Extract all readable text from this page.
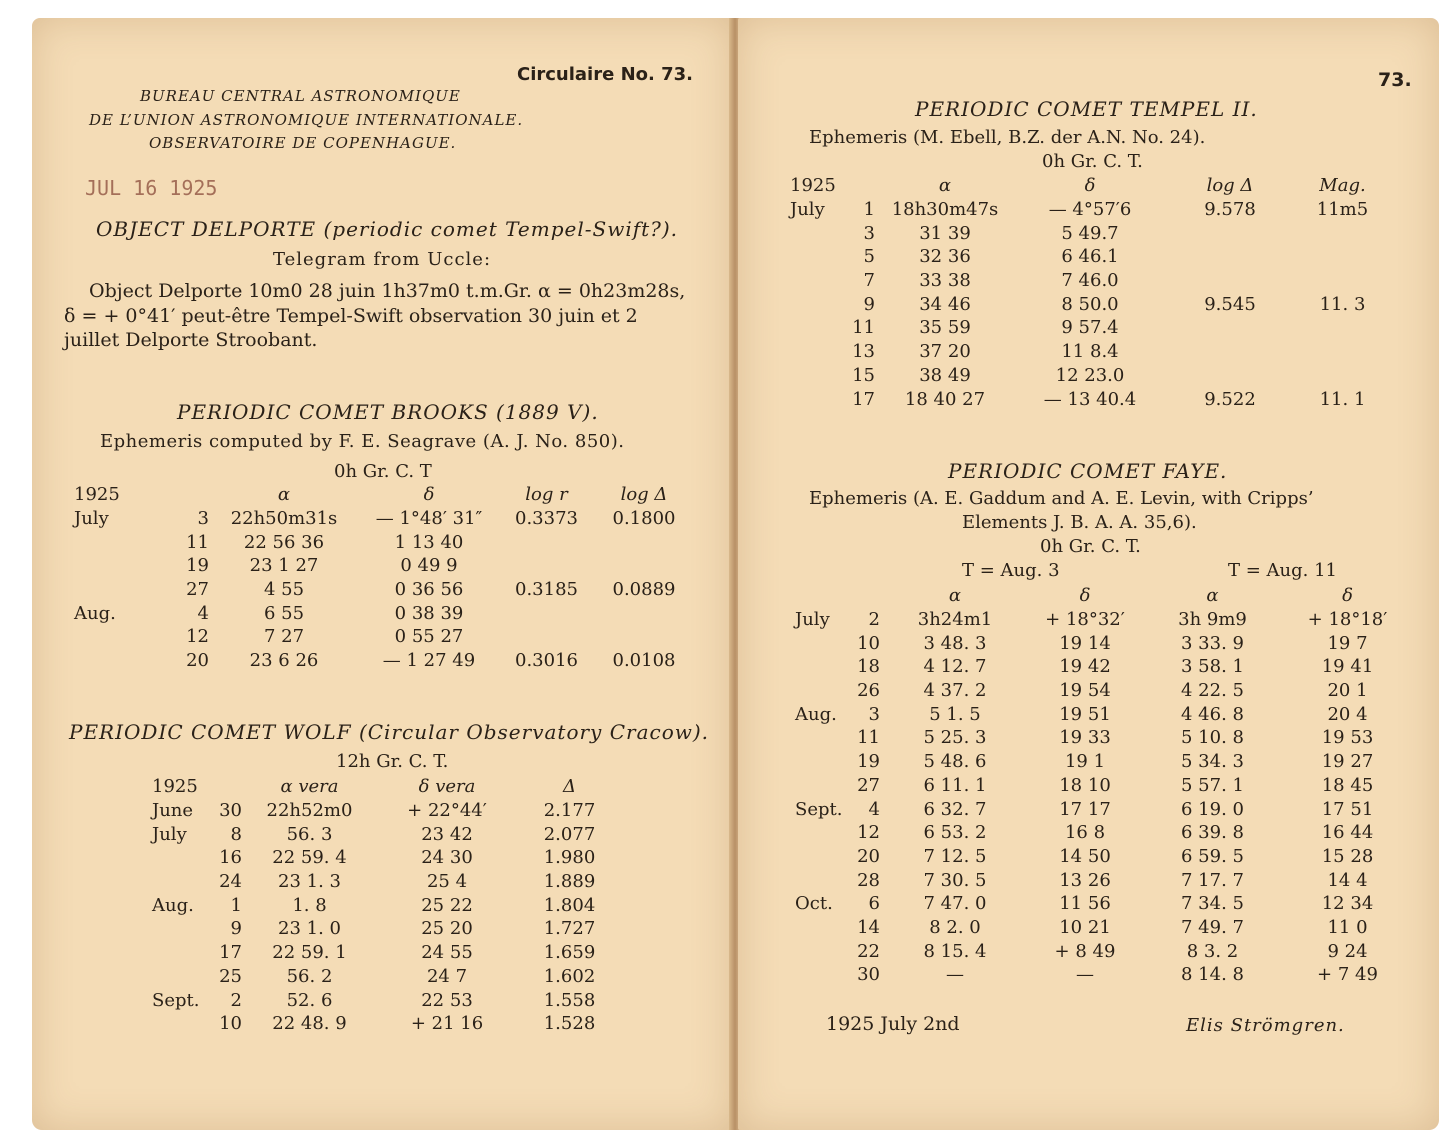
Circulaire No. 73.
BUREAU CENTRAL ASTRONOMIQUE
DE L’UNION ASTRONOMIQUE INTERNATIONALE.
OBSERVATOIRE DE COPENHAGUE.
JUL 16 1925
OBJECT DELPORTE (periodic comet Tempel-Swift?).
Telegram from Uccle:
Object Delporte 10m0 28 juin 1h37m0 t.m.Gr. α = 0h23m28s,
δ = + 0°41′ peut-être Tempel-Swift observation 30 juin et 2
juillet Delporte Stroobant.
PERIODIC COMET BROOKS (1889 V).
Ephemeris computed by F. E. Seagrave (A. J. No. 850).
0h Gr. C. T
1925		α	δ	log r	log Δ
July	3	22h50m31s	— 1°48′ 31″	0.3373	0.1800
	11	22 56 36	1 13 40		
	19	23 1 27	0 49 9		
	27	4 55	0 36 56	0.3185	0.0889
Aug.	4	6 55	0 38 39		
	12	7 27	0 55 27		
	20	23 6 26	— 1 27 49	0.3016	0.0108
PERIODIC COMET WOLF (Circular Observatory Cracow).
12h Gr. C. T.
1925		α vera	δ vera	Δ
June	30	22h52m0	+ 22°44′	2.177
July	8	56. 3	23 42	2.077
	16	22 59. 4	24 30	1.980
	24	23 1. 3	25 4	1.889
Aug.	1	1. 8	25 22	1.804
	9	23 1. 0	25 20	1.727
	17	22 59. 1	24 55	1.659
	25	56. 2	24 7	1.602
Sept.	2	52. 6	22 53	1.558
	10	22 48. 9	+ 21 16	1.528
73.
PERIODIC COMET TEMPEL II.
Ephemeris (M. Ebell, B.Z. der A.N. No. 24).
0h Gr. C. T.
1925		α	δ	log Δ	Mag.
July	1	18h30m47s	— 4°57′6	9.578	11m5
	3	31 39	5 49.7		
	5	32 36	6 46.1		
	7	33 38	7 46.0		
	9	34 46	8 50.0	9.545	11. 3
	11	35 59	9 57.4		
	13	37 20	11 8.4		
	15	38 49	12 23.0		
	17	18 40 27	— 13 40.4	9.522	11. 1
PERIODIC COMET FAYE.
Ephemeris (A. E. Gaddum and A. E. Levin, with Cripps’
Elements J. B. A. A. 35,6).
0h Gr. C. T.
T = Aug. 3	T = Aug. 11
		α	δ	α	δ
July	2	3h24m1	+ 18°32′	3h 9m9	+ 18°18′
	10	3 48. 3	19 14	3 33. 9	19 7
	18	4 12. 7	19 42	3 58. 1	19 41
	26	4 37. 2	19 54	4 22. 5	20 1
Aug.	3	5 1. 5	19 51	4 46. 8	20 4
	11	5 25. 3	19 33	5 10. 8	19 53
	19	5 48. 6	19 1	5 34. 3	19 27
	27	6 11. 1	18 10	5 57. 1	18 45
Sept.	4	6 32. 7	17 17	6 19. 0	17 51
	12	6 53. 2	16 8	6 39. 8	16 44
	20	7 12. 5	14 50	6 59. 5	15 28
	28	7 30. 5	13 26	7 17. 7	14 4
Oct.	6	7 47. 0	11 56	7 34. 5	12 34
	14	8 2. 0	10 21	7 49. 7	11 0
	22	8 15. 4	+ 8 49	8 3. 2	9 24
	30	—	—	8 14. 8	+ 7 49
1925 July 2nd	Elis Strömgren.
